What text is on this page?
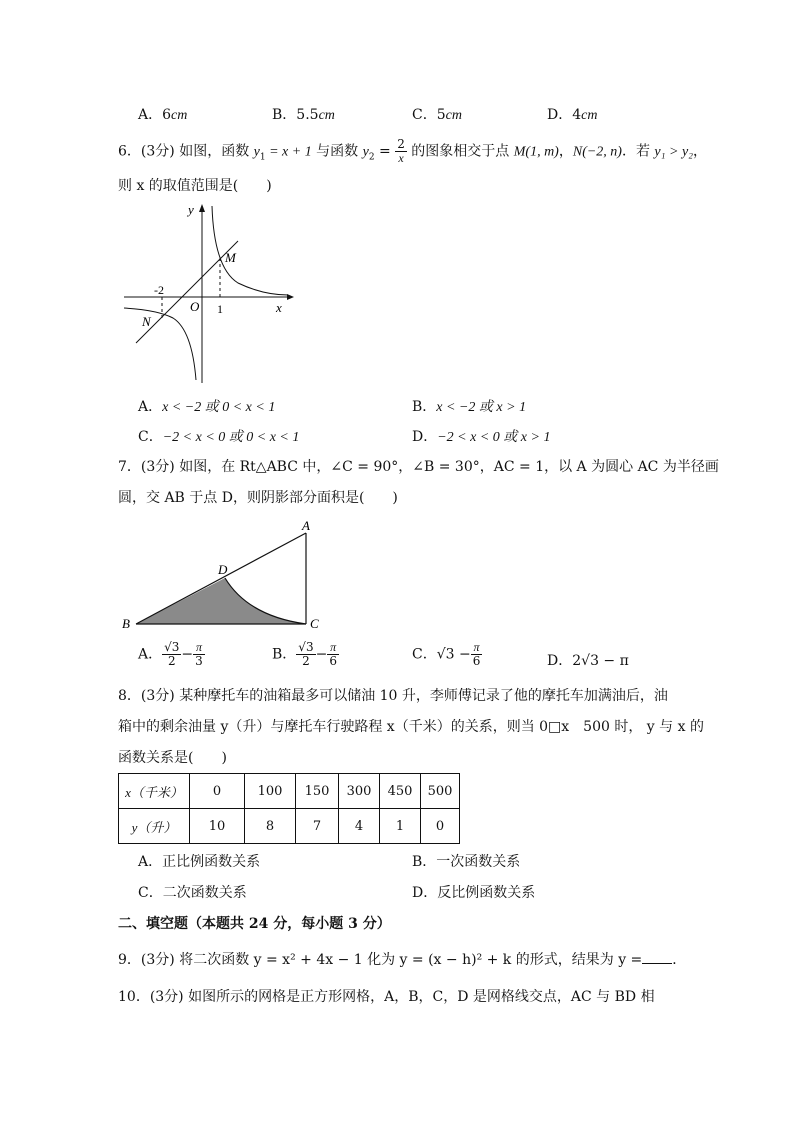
A．6cm	B．5.5cm	C．5cm	D．4cm
6．(3分) 如图，函数 $y_1 = x + 1$ 与函数 $y_2 = \frac{2}{x}$ 的图象相交于点 M(1, m)，N(−2, n)．若 y₁ > y₂，
则 x 的取值范围是(　　)
y
x
O
M
N
-2
1
A．x < −2 或 0 < x < 1	B．x < −2 或 x > 1
C．−2 < x < 0 或 0 < x < 1	D．−2 < x < 0 或 x > 1
7．(3分) 如图，在 Rt△ABC 中，∠C = 90°，∠B = 30°，AC = 1，以 A 为圆心 AC 为半径画
圆，交 AB 于点 D，则阴影部分面积是(　　)
A
B	C
D
A． $\frac{√3}{2} - \frac{\pi}{3}$	B． $\frac{√3}{2} - \frac{\pi}{6}$	C．$√3 - \frac{\pi}{6}$	D．2√3 − π
8．(3分) 某种摩托车的油箱最多可以储油 10 升，李师傅记录了他的摩托车加满油后，油
箱中的剩余油量 y（升）与摩托车行驶路程 x（千米）的关系，则当 0□x　500 时， y 与 x 的
函数关系是(　　)
x（千米）	0	100	150	300	450	500
y（升）	10	8	7	4	1	0
A．正比例函数关系	B．一次函数关系
C．二次函数关系	D．反比例函数关系
二、填空题（本题共 24 分，每小题 3 分）
9．(3分) 将二次函数 y = x² + 4x − 1 化为 y = (x − h)² + k 的形式，结果为 y = ．
10．(3分) 如图所示的网格是正方形网格，A，B，C，D 是网格线交点，AC 与 BD 相
